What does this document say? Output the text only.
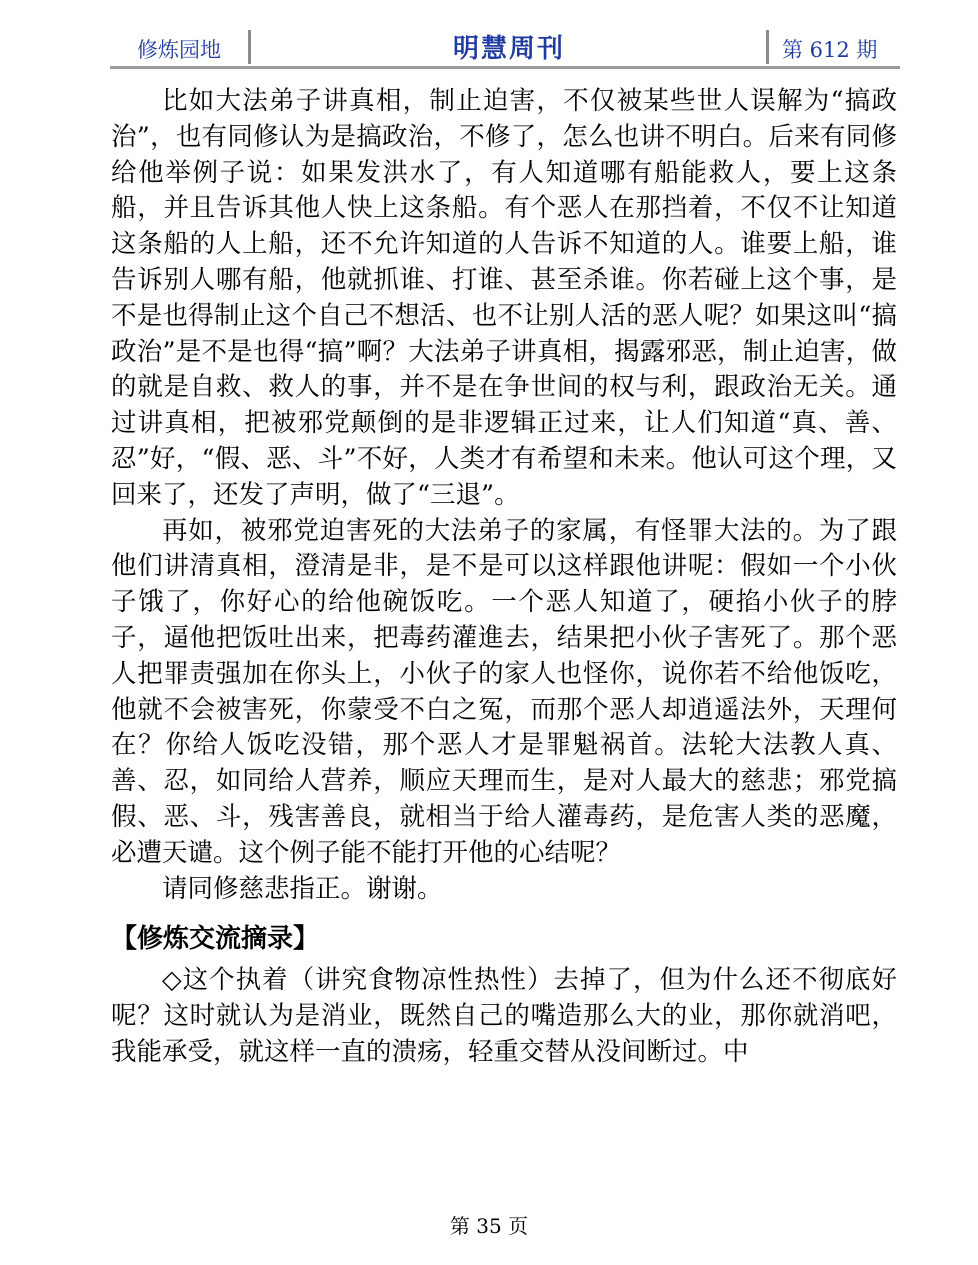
修炼园地	明慧周刊	第 612 期

比如大法弟子讲真相，制止迫害，不仅被某些世人误解为“搞政治”，也有同修认为是搞政治，不修了，怎么也讲不明白。后来有同修给他举例子说：如果发洪水了，有人知道哪有船能救人，要上这条船，并且告诉其他人快上这条船。有个恶人在那挡着，不仅不让知道这条船的人上船，还不允许知道的人告诉不知道的人。谁要上船，谁告诉别人哪有船，他就抓谁、打谁、甚至杀谁。你若碰上这个事，是不是也得制止这个自己不想活、也不让别人活的恶人呢？如果这叫“搞政治”是不是也得“搞”啊？大法弟子讲真相，揭露邪恶，制止迫害，做的就是自救、救人的事，并不是在争世间的权与利，跟政治无关。通过讲真相，把被邪党颠倒的是非逻辑正过来，让人们知道“真、善、忍”好，“假、恶、斗”不好，人类才有希望和未来。他认可这个理，又回来了，还发了声明，做了“三退”。

再如，被邪党迫害死的大法弟子的家属，有怪罪大法的。为了跟他们讲清真相，澄清是非，是不是可以这样跟他讲呢：假如一个小伙子饿了，你好心的给他碗饭吃。一个恶人知道了，硬掐小伙子的脖子，逼他把饭吐出来，把毒药灌進去，结果把小伙子害死了。那个恶人把罪责强加在你头上，小伙子的家人也怪你，说你若不给他饭吃，他就不会被害死，你蒙受不白之冤，而那个恶人却逍遥法外，天理何在？你给人饭吃没错，那个恶人才是罪魁祸首。法轮大法教人真、善、忍，如同给人营养，顺应天理而生，是对人最大的慈悲；邪党搞假、恶、斗，残害善良，就相当于给人灌毒药，是危害人类的恶魔，必遭天谴。这个例子能不能打开他的心结呢？

请同修慈悲指正。谢谢。

【修炼交流摘录】

◇这个执着（讲究食物凉性热性）去掉了，但为什么还不彻底好呢？这时就认为是消业，既然自己的嘴造那么大的业，那你就消吧，我能承受，就这样一直的溃疡，轻重交替从没间断过。中

第 35 页
